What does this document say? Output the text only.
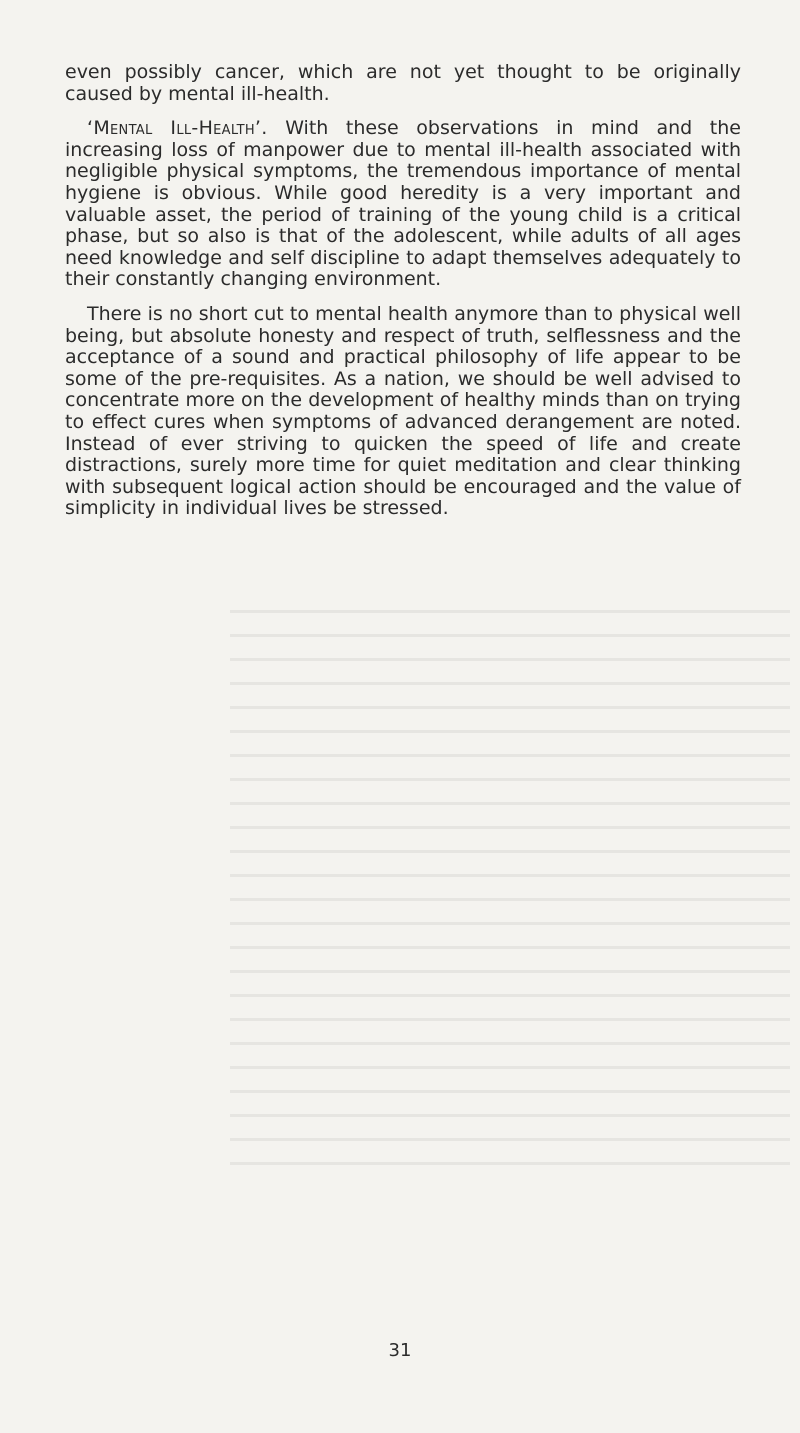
even possibly cancer, which are not yet thought to be originally caused by mental ill-health.

‘Mental Ill-Health’. With these observations in mind and the increasing loss of manpower due to mental ill-health associated with negligible physical symptoms, the tremendous importance of mental hygiene is obvious. While good heredity is a very important and valuable asset, the period of training of the young child is a critical phase, but so also is that of the adolescent, while adults of all ages need knowledge and self discipline to adapt themselves adequately to their constantly changing environment.

There is no short cut to mental health anymore than to physical well being, but absolute honesty and respect of truth, selflessness and the acceptance of a sound and practical philosophy of life appear to be some of the pre-requisites. As a nation, we should be well advised to concentrate more on the development of healthy minds than on trying to effect cures when symptoms of advanced derangement are noted. Instead of ever striving to quicken the speed of life and create distractions, surely more time for quiet meditation and clear thinking with subsequent logical action should be encouraged and the value of simplicity in individual lives be stressed.

31
